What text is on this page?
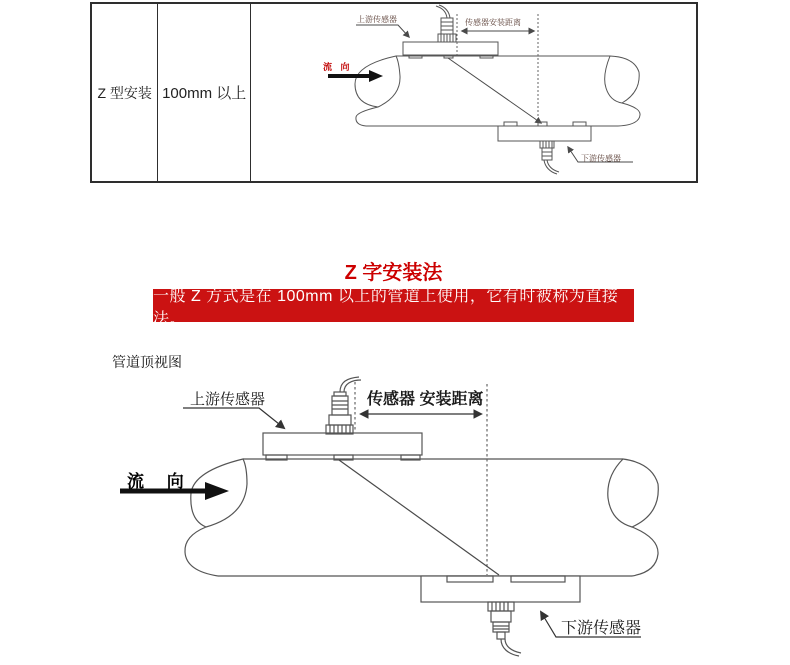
Z 型安装 100mm 以上
上游传感器	传感器安装距离
流 向
下游传感器
Z 字安装法
一般 Z 方式是在 100mm 以上的管道上使用，它有时被称为直接法。
管道顶视图
上游传感器	传感器 安装距离
流 向
下游传感器
